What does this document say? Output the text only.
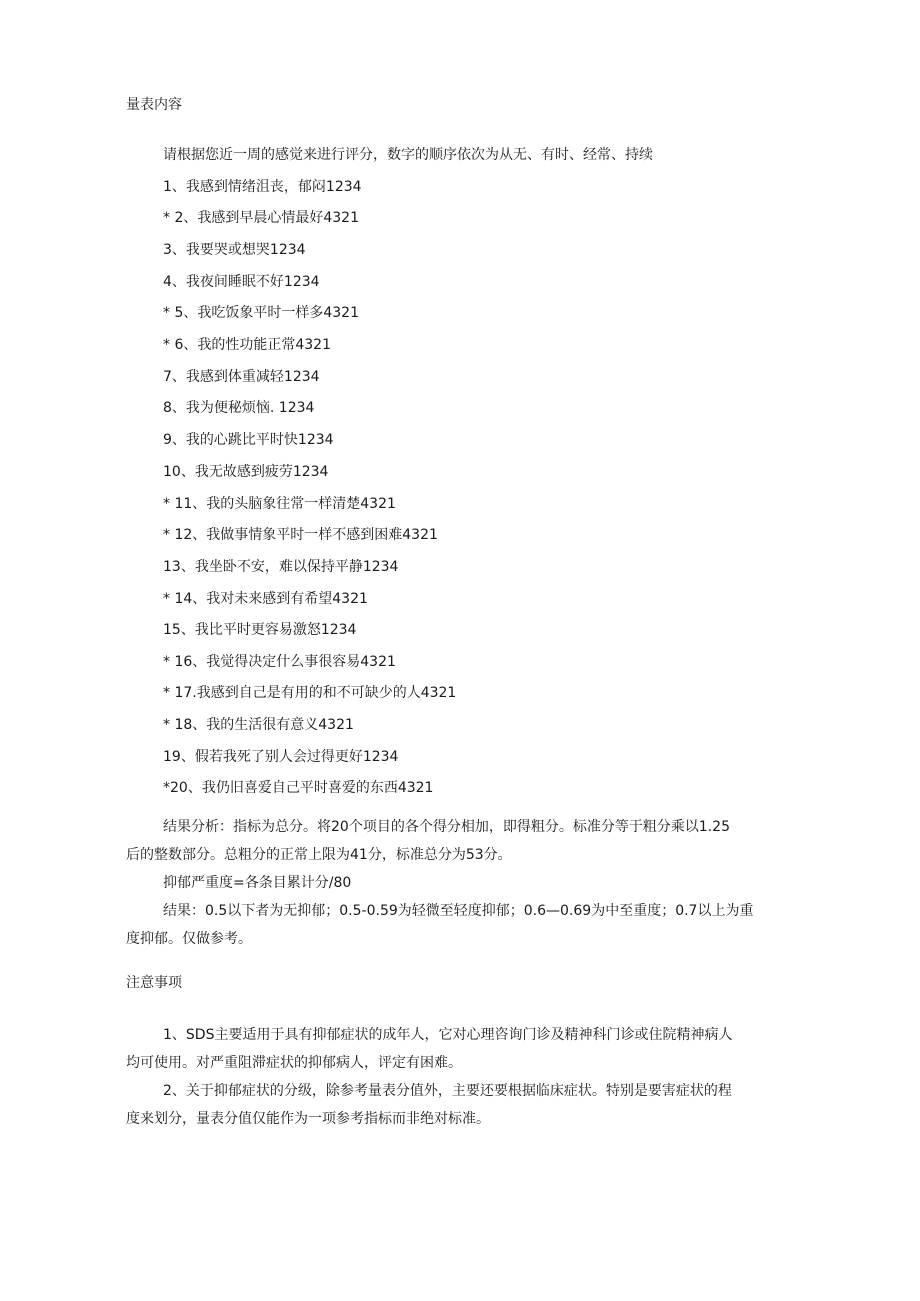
量表内容
请根据您近一周的感觉来进行评分，数字的顺序依次为从无、有时、经常、持续
1、我感到情绪沮丧，郁闷1234
* 2、我感到早晨心情最好4321
3、我要哭或想哭1234
4、我夜间睡眠不好1234
* 5、我吃饭象平时一样多4321
* 6、我的性功能正常4321
7、我感到体重减轻1234
8、我为便秘烦恼. 1234
9、我的心跳比平时快1234
10、我无故感到疲劳1234
* 11、我的头脑象往常一样清楚4321
* 12、我做事情象平时一样不感到困难4321
13、我坐卧不安，难以保持平静1234
* 14、我对未来感到有希望4321
15、我比平时更容易激怒1234
* 16、我觉得决定什么事很容易4321
* 17.我感到自己是有用的和不可缺少的人4321
* 18、我的生活很有意义4321
19、假若我死了别人会过得更好1234
*20、我仍旧喜爱自己平时喜爱的东西4321
结果分析：指标为总分。将20个项目的各个得分相加，即得粗分。标准分等于粗分乘以1.25
后的整数部分。总粗分的正常上限为41分，标准总分为53分。
抑郁严重度=各条目累计分/80
结果：0.5以下者为无抑郁；0.5-0.59为轻微至轻度抑郁；0.6—0.69为中至重度；0.7以上为重
度抑郁。仅做参考。
注意事项
1、SDS主要适用于具有抑郁症状的成年人，它对心理咨询门诊及精神科门诊或住院精神病人
均可使用。对严重阻滞症状的抑郁病人，评定有困难。
2、关于抑郁症状的分级，除参考量表分值外，主要还要根据临床症状。特别是要害症状的程
度来划分，量表分值仅能作为一项参考指标而非绝对标准。
